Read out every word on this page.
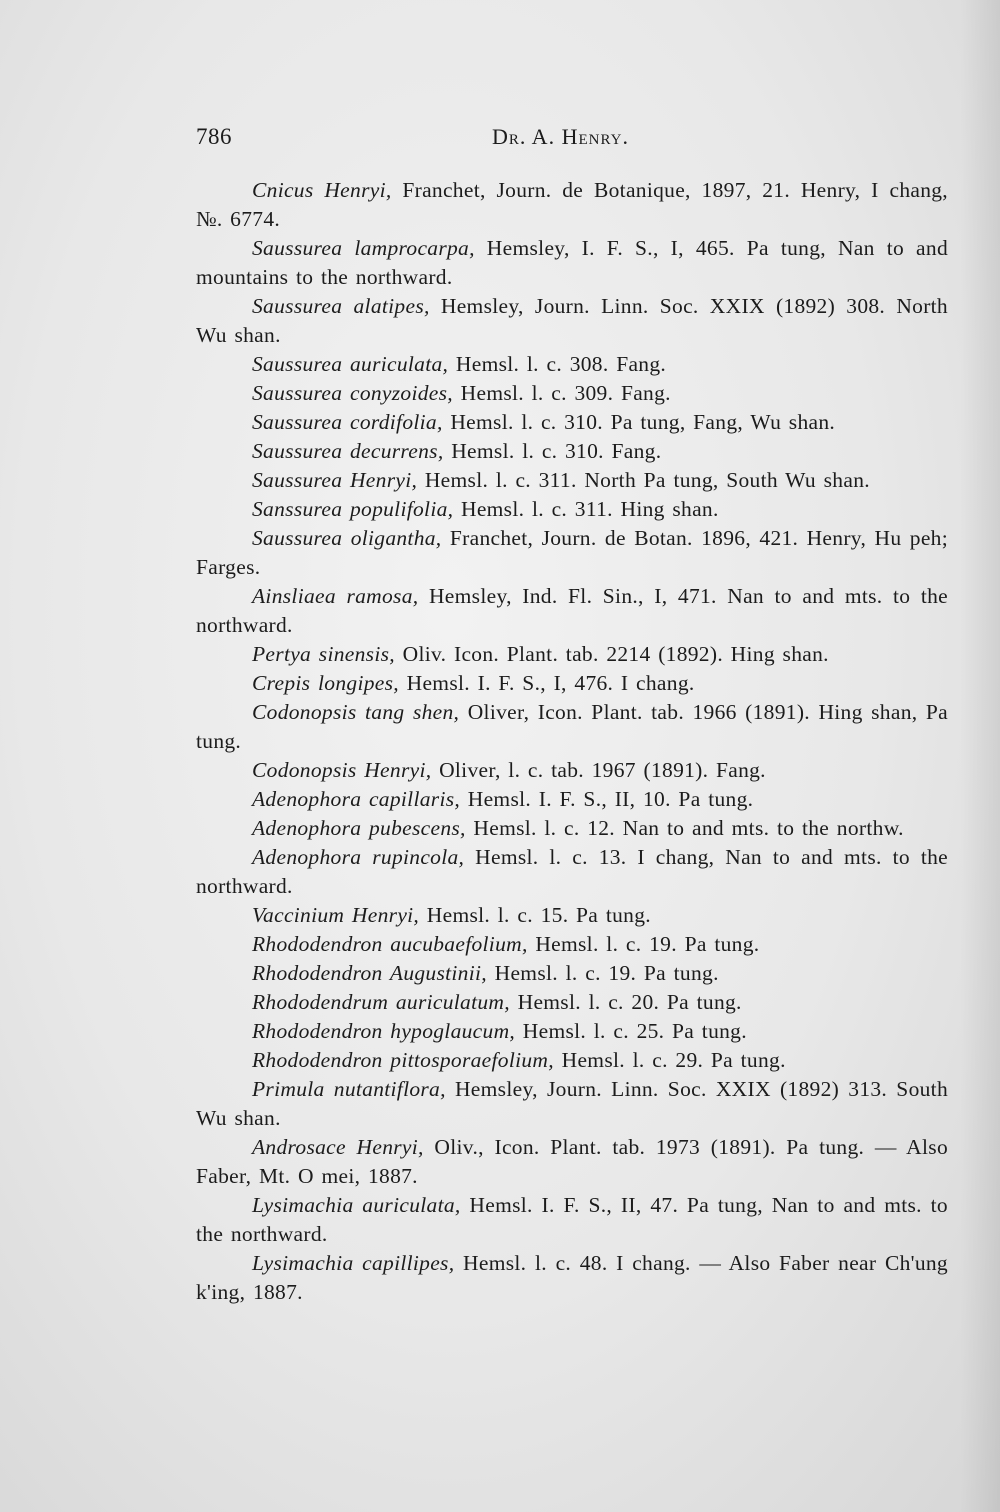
786	Dr. A. Henry.

Cnicus Henryi, Franchet, Journ. de Botanique, 1897, 21. Henry, I chang, №. 6774.

Saussurea lamprocarpa, Hemsley, I. F. S., I, 465. Pa tung, Nan to and mountains to the northward.

Saussurea alatipes, Hemsley, Journ. Linn. Soc. XXIX (1892) 308. North Wu shan.

Saussurea auriculata, Hemsl. l. c. 308. Fang.

Saussurea conyzoides, Hemsl. l. c. 309. Fang.

Saussurea cordifolia, Hemsl. l. c. 310. Pa tung, Fang, Wu shan.

Saussurea decurrens, Hemsl. l. c. 310. Fang.

Saussurea Henryi, Hemsl. l. c. 311. North Pa tung, South Wu shan.

Sanssurea populifolia, Hemsl. l. c. 311. Hing shan.

Saussurea oligantha, Franchet, Journ. de Botan. 1896, 421. Henry, Hu peh; Farges.

Ainsliaea ramosa, Hemsley, Ind. Fl. Sin., I, 471. Nan to and mts. to the northward.

Pertya sinensis, Oliv. Icon. Plant. tab. 2214 (1892). Hing shan.

Crepis longipes, Hemsl. I. F. S., I, 476. I chang.

Codonopsis tang shen, Oliver, Icon. Plant. tab. 1966 (1891). Hing shan, Pa tung.

Codonopsis Henryi, Oliver, l. c. tab. 1967 (1891). Fang.

Adenophora capillaris, Hemsl. I. F. S., II, 10. Pa tung.

Adenophora pubescens, Hemsl. l. c. 12. Nan to and mts. to the northw.

Adenophora rupincola, Hemsl. l. c. 13. I chang, Nan to and mts. to the northward.

Vaccinium Henryi, Hemsl. l. c. 15. Pa tung.

Rhododendron aucubaefolium, Hemsl. l. c. 19. Pa tung.

Rhododendron Augustinii, Hemsl. l. c. 19. Pa tung.

Rhododendrum auriculatum, Hemsl. l. c. 20. Pa tung.

Rhododendron hypoglaucum, Hemsl. l. c. 25. Pa tung.

Rhododendron pittosporaefolium, Hemsl. l. c. 29. Pa tung.

Primula nutantiflora, Hemsley, Journ. Linn. Soc. XXIX (1892) 313. South Wu shan.

Androsace Henryi, Oliv., Icon. Plant. tab. 1973 (1891). Pa tung. — Also Faber, Mt. O mei, 1887.

Lysimachia auriculata, Hemsl. I. F. S., II, 47. Pa tung, Nan to and mts. to the northward.

Lysimachia capillipes, Hemsl. l. c. 48. I chang. — Also Faber near Ch'ung k'ing, 1887.
